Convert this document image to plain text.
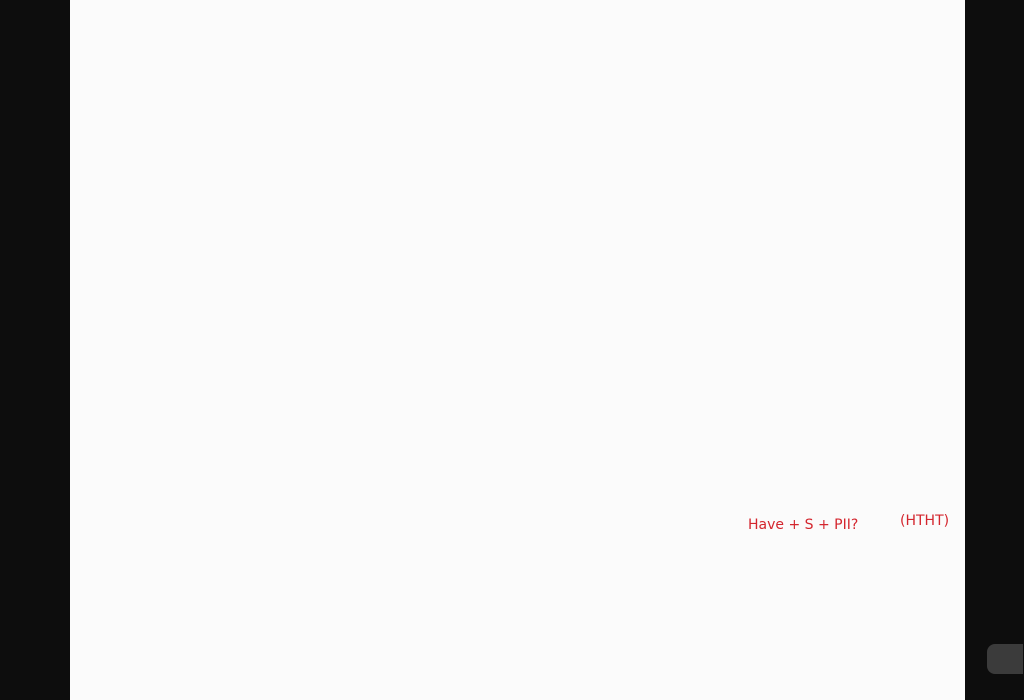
Have + S + PII?	(HTHT)
